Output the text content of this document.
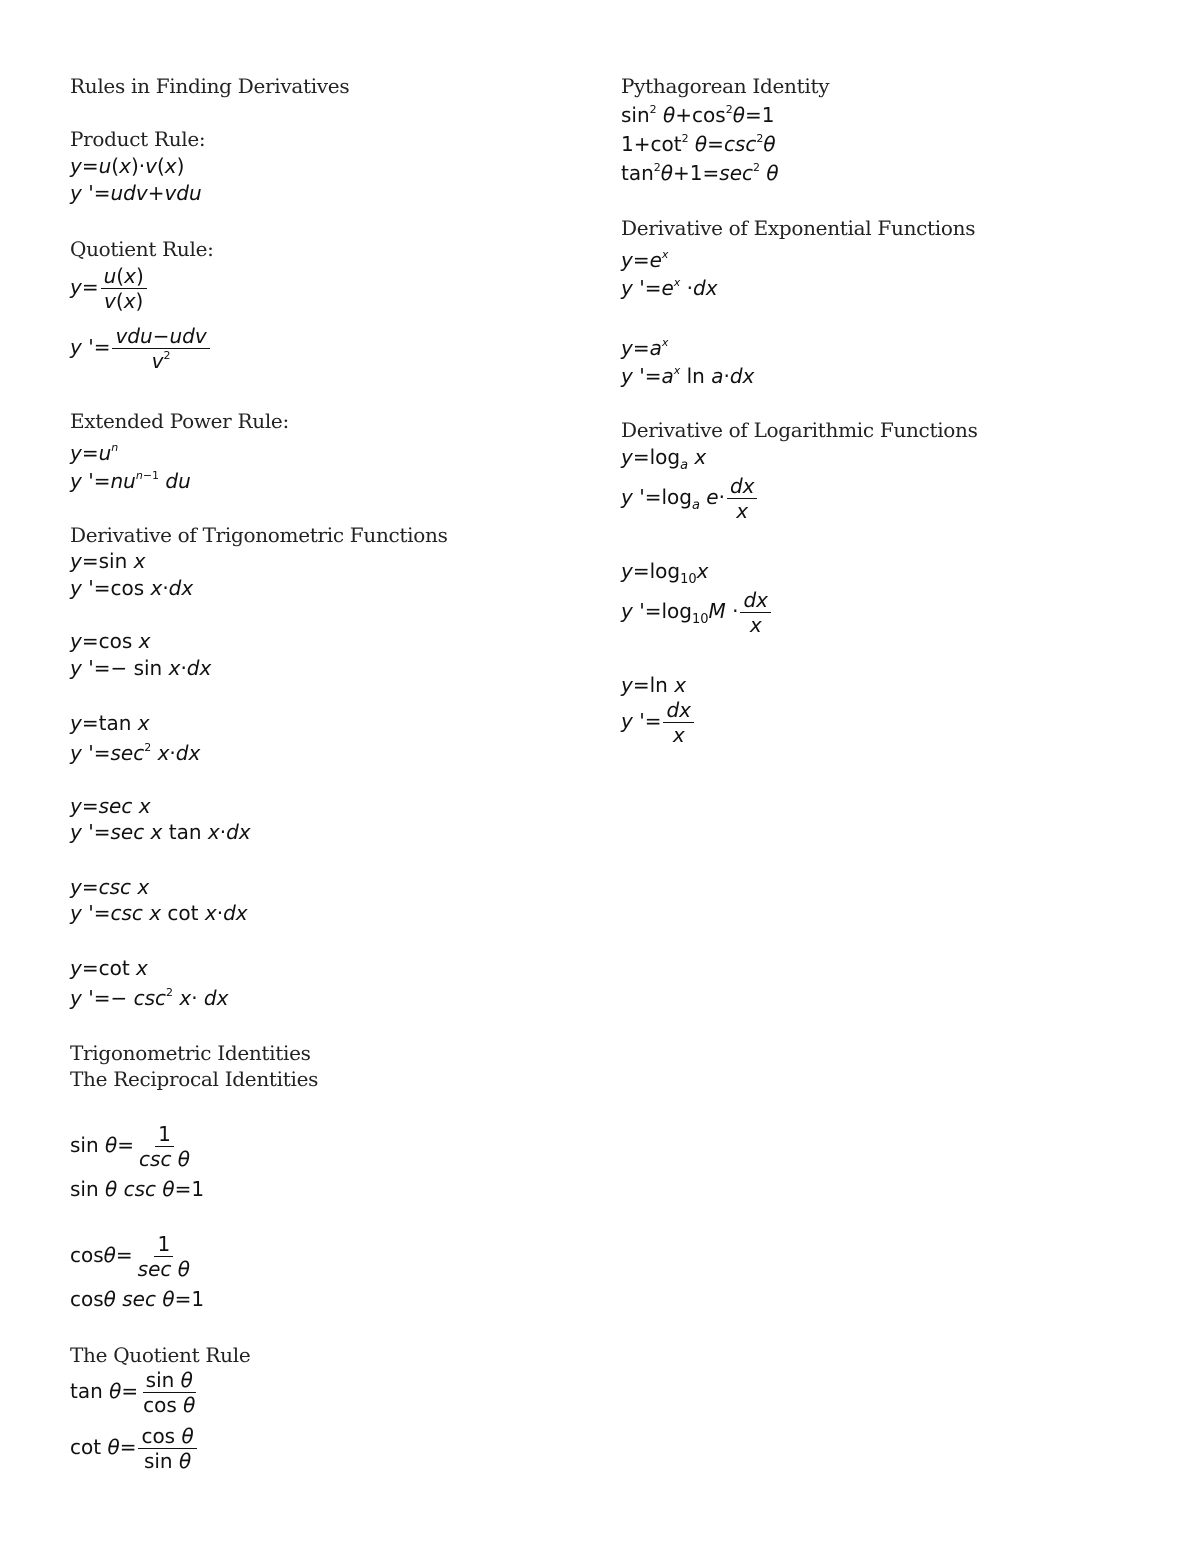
Rules in Finding Derivatives
Product Rule:
y=u(x)·v(x)
y '=udv+vdu
Quotient Rule:
$y= \frac{u(x)}{v(x)}$
y '= $\frac{\text{vdu−udv}}{v^2}$
Extended Power Rule:
$y=u^n$
y '$=nu^{n-1}$ du
Derivative of Trigonometric Functions
y=sin x
y '=cos x·dx
y=cos x
y '=− sin x·dx
y=tan x
y '$=\sec^2$ x·dx
y=sec x
y '=sec x tan x·dx
y=csc x
y '=csc x cot x·dx
y=cot x
y '=− $\csc^2 x\cdot$ dx
Trigonometric Identities
The Reciprocal Identities
$\sin \theta= \frac{1}{\text{csc θ}}$
sin θ csc θ=1
$\cos\theta= \frac{1}{\text{sec θ}}$
cosθ sec θ=1
The Quotient Rule
$\tan \theta= \frac{\text{sin θ}}{\text{cos θ}}$
$\cot \theta= \frac{\text{cos θ}}{\text{sin θ}}$
Pythagorean Identity
$\sin^2 \theta+\cos^2\theta=1$
$1+\cot^2$ $\theta=\csc^2\theta$
$\tan^2\theta+1=\sec^2$ θ
Derivative of Exponential Functions
$y=e^x$
y '$=e^x \cdot dx$
$y=a^x$
y '$=a^x$ ln a·dx
Derivative of Logarithmic Functions
$y=\log_a$ x
y '$=\log_a$ $e\cdot \frac{dx}{x}$
$y=\log_{10}x$
y '$=\log_{10}M \cdot \frac{dx}{x}$
y=ln x
y '= $\frac{dx}{x}$
